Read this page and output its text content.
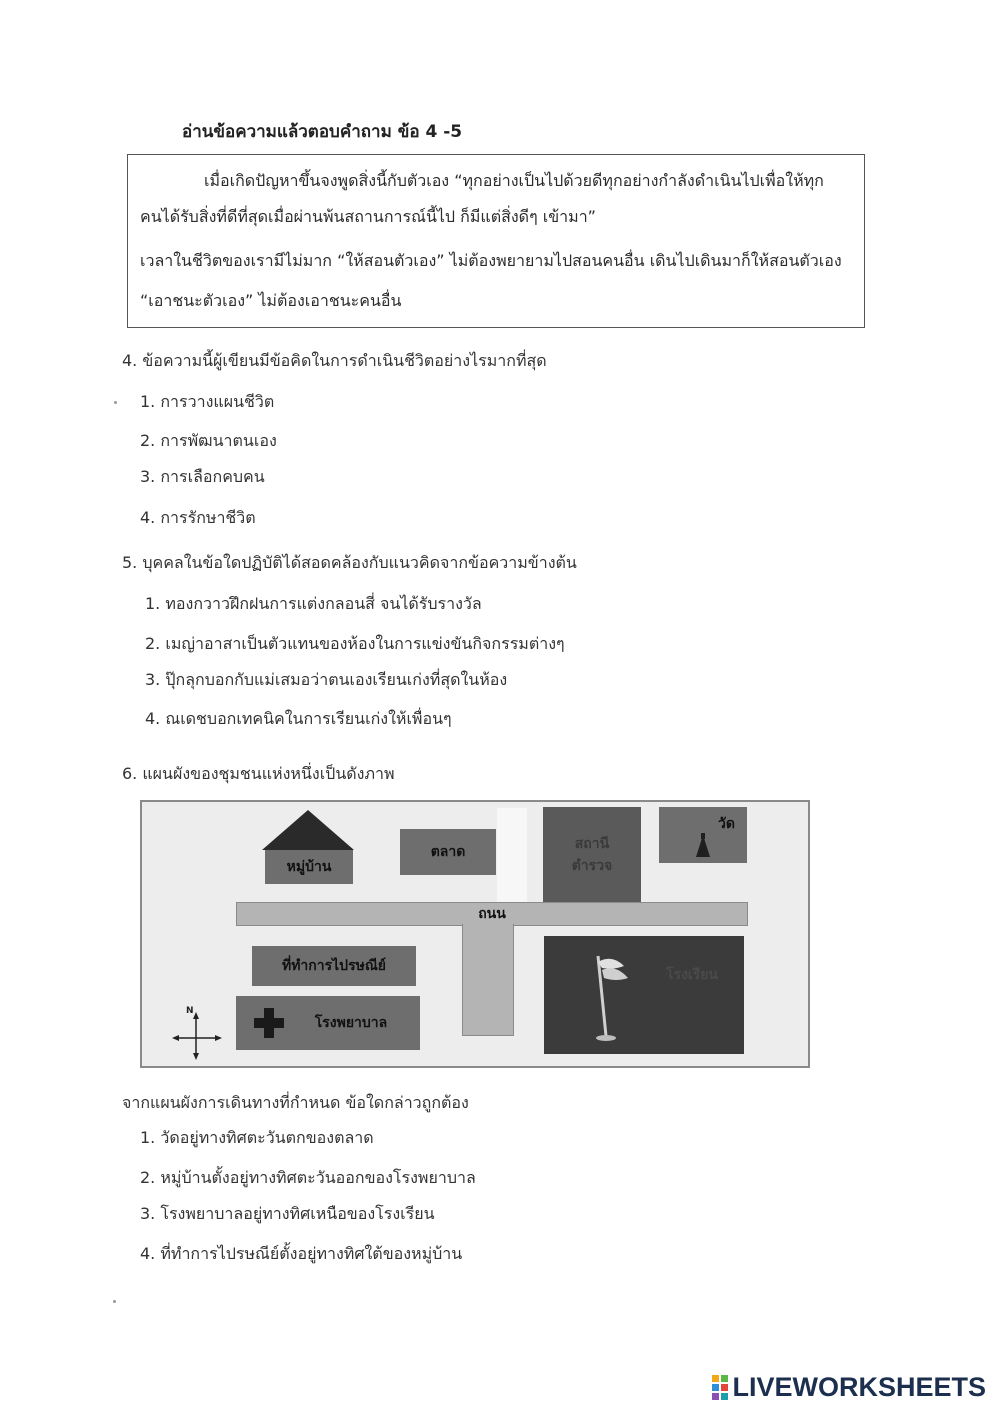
อ่านข้อความแล้วตอบคำถาม ข้อ 4 -5
เมื่อเกิดปัญหาขึ้นจงพูดสิ่งนี้กับตัวเอง “ทุกอย่างเป็นไปด้วยดีทุกอย่างกำลังดำเนินไปเพื่อให้ทุก
คนได้รับสิ่งที่ดีที่สุดเมื่อผ่านพ้นสถานการณ์นี้ไป ก็มีแต่สิ่งดีๆ เข้ามา”
เวลาในชีวิตของเรามีไม่มาก “ให้สอนตัวเอง” ไม่ต้องพยายามไปสอนคนอื่น เดินไปเดินมาก็ให้สอนตัวเอง
“เอาชนะตัวเอง” ไม่ต้องเอาชนะคนอื่น
4. ข้อความนี้ผู้เขียนมีข้อคิดในการดำเนินชีวิตอย่างไรมากที่สุด
1. การวางแผนชีวิต
2. การพัฒนาตนเอง
3. การเลือกคบคน
4. การรักษาชีวิต
5. บุคคลในข้อใดปฏิบัติได้สอดคล้องกับแนวคิดจากข้อความข้างต้น
1. ทองกวาวฝึกฝนการแต่งกลอนสี่ จนได้รับรางวัล
2. เมญ่าอาสาเป็นตัวแทนของห้องในการแข่งขันกิจกรรมต่างๆ
3. ปุ๊กลุกบอกกับแม่เสมอว่าตนเองเรียนเก่งที่สุดในห้อง
4. ณเดชบอกเทคนิคในการเรียนเก่งให้เพื่อนๆ
6. แผนผังของชุมชนแห่งหนึ่งเป็นดังภาพ
หมู่บ้าน
ตลาด	สถานี ตำรวจ
วัด
ถนน
ที่ทำการไปรษณีย์
โรงพยาบาล
โรงเรียน
N
จากแผนผังการเดินทางที่กำหนด ข้อใดกล่าวถูกต้อง
1. วัดอยู่ทางทิศตะวันตกของตลาด
2. หมู่บ้านตั้งอยู่ทางทิศตะวันออกของโรงพยาบาล
3. โรงพยาบาลอยู่ทางทิศเหนือของโรงเรียน
4. ที่ทำการไปรษณีย์ตั้งอยู่ทางทิศใต้ของหมู่บ้าน
LIVEWORKSHEETS
